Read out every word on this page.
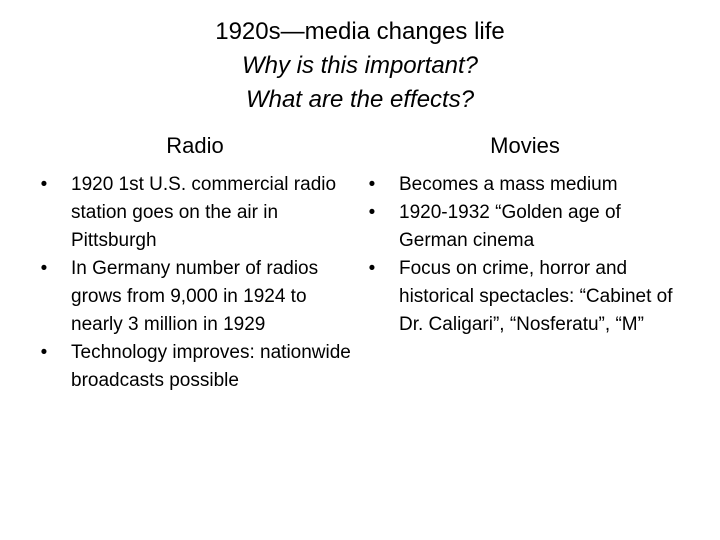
1920s—media changes life
Why is this important?
What are the effects?
Radio	Movies
• 1920 1st U.S. commercial radio station goes on the air in Pittsburgh
• In Germany number of radios grows from 9,000 in 1924 to nearly 3 million in 1929
• Technology improves: nationwide broadcasts possible
• Becomes a mass medium
• 1920-1932 “Golden age of German cinema
• Focus on crime, horror and historical spectacles: “Cabinet of Dr. Caligari”, “Nosferatu”, “M”
